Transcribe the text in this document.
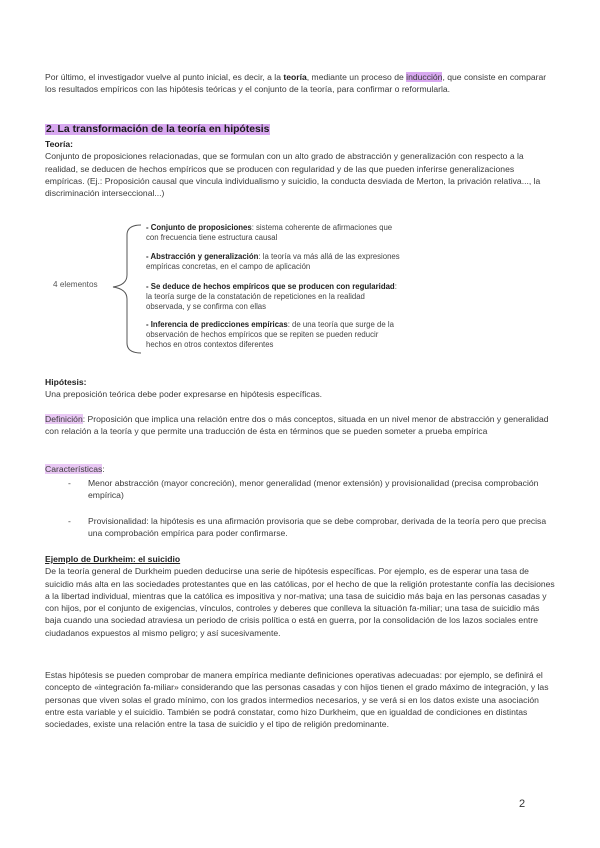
Por último, el investigador vuelve al punto inicial, es decir, a la teoría, mediante un proceso de inducción, que consiste en comparar los resultados empíricos con las hipótesis teóricas y el conjunto de la teoría, para confirmar o reformularla.

2. La transformación de la teoría en hipótesis

Teoría:
Conjunto de proposiciones relacionadas, que se formulan con un alto grado de abstracción y generalización con respecto a la realidad, se deducen de hechos empíricos que se producen con regularidad y de las que pueden inferirse generalizaciones empíricas. (Ej.: Proposición causal que vincula individualismo y suicidio, la conducta desviada de Merton, la privación relativa..., la discriminación interseccional...)

4 elementos
- Conjunto de proposiciones: sistema coherente de afirmaciones que con frecuencia tiene estructura causal
- Abstracción y generalización: la teoría va más allá de las expresiones empíricas concretas, en el campo de aplicación
- Se deduce de hechos empíricos que se producen con regularidad: la teoría surge de la constatación de repeticiones en la realidad observada, y se confirma con ellas
- Inferencia de predicciones empíricas: de una teoría que surge de la observación de hechos empíricos que se repiten se pueden reducir hechos en otros contextos diferentes

Hipótesis:
Una preposición teórica debe poder expresarse en hipótesis específicas.

Definición: Proposición que implica una relación entre dos o más conceptos, situada en un nivel menor de abstracción y generalidad con relación a la teoría y que permite una traducción de ésta en términos que se pueden someter a prueba empírica

Características:

- Menor abstracción (mayor concreción), menor generalidad (menor extensión) y provisionalidad (precisa comprobación empírica)
- Provisionalidad: la hipótesis es una afirmación provisoria que se debe comprobar, derivada de la teoría pero que precisa una comprobación empírica para poder confirmarse.

Ejemplo de Durkheim: el suicidio
De la teoría general de Durkheim pueden deducirse una serie de hipótesis específicas. Por ejemplo, es de esperar una tasa de suicidio más alta en las sociedades protestantes que en las católicas, por el hecho de que la religión protestante confía las decisiones a la libertad individual, mientras que la católica es impositiva y nor-mativa; una tasa de suicidio más baja en las personas casadas y con hijos, por el conjunto de exigencias, vínculos, controles y deberes que conlleva la situación fa-miliar; una tasa de suicidio más baja cuando una sociedad atraviesa un periodo de crisis política o está en guerra, por la consolidación de los lazos sociales entre ciudadanos expuestos al mismo peligro; y así sucesivamente.

Estas hipótesis se pueden comprobar de manera empírica mediante definiciones operativas adecuadas: por ejemplo, se definirá el concepto de «integración fa-miliar» considerando que las personas casadas y con hijos tienen el grado máximo de integración, y las personas que viven solas el grado mínimo, con los grados intermedios necesarios, y se verá si en los datos existe una asociación entre esta variable y el suicidio. También se podrá constatar, como hizo Durkheim, que en igualdad de condiciones en distintas sociedades, existe una relación entre la tasa de suicidio y el tipo de religión predominante.

2
